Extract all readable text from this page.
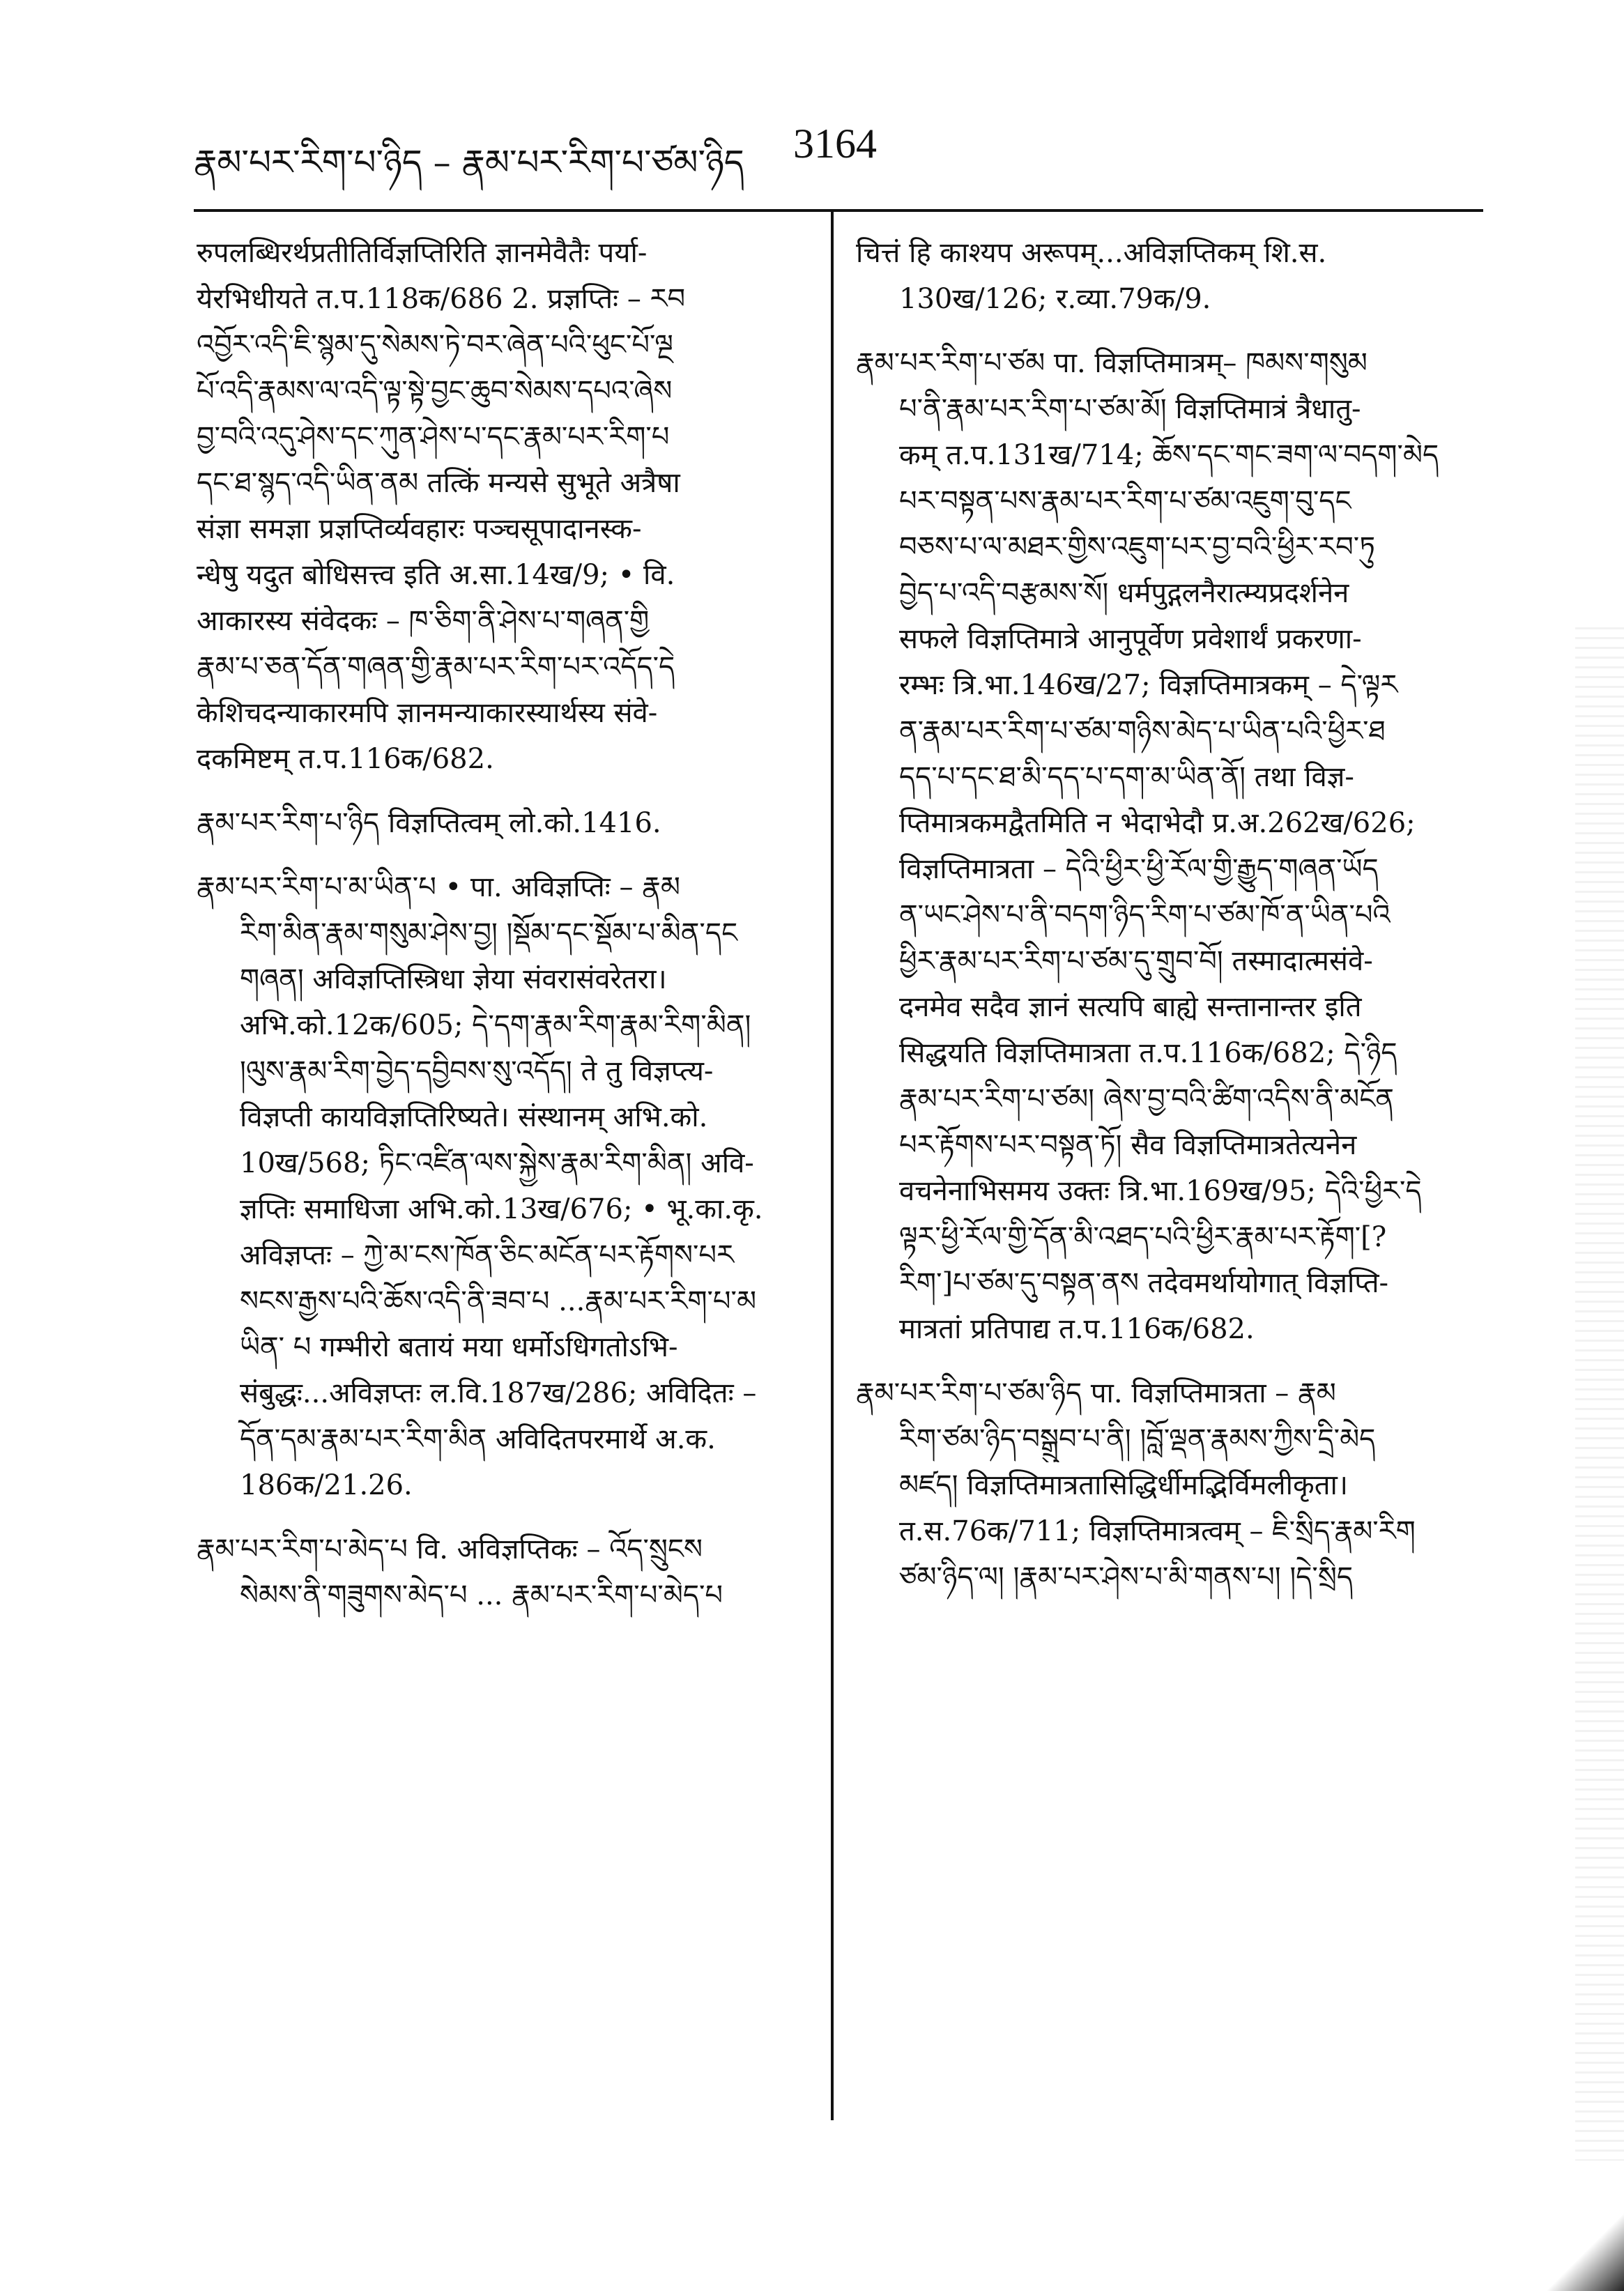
རྣམ་པར་རིག་པ་ཉིད – རྣམ་པར་རིག་པ་ཙམ་ཉིད 3164
रुपलब्धिरर्थप्रतीतिर्विज्ञप्तिरिति ज्ञानमेवैतैः पर्या-
येरभिधीयते त.प.118क/686 2. प्रज्ञप्तिः – རབ
འབྱོར་འདི་ཇི་སྙམ་དུ་སེམས་ཏེ་བར་ཞེན་པའི་ཕུང་པོ་ལྔ
པོ་འདི་རྣམས་ལ་འདི་ལྟ་སྟེ་བྱང་ཆུབ་སེམས་དཔའ་ཞེས
བྱ་བའི་འདུ་ཤེས་དང་ཀུན་ཤེས་པ་དང་རྣམ་པར་རིག་པ
དང་ཐ་སྙད་འདི་ཡིན་ནམ तत्किं मन्यसे सुभूते अत्रैषा
संज्ञा समज्ञा प्रज्ञप्तिर्व्यवहारः पञ्चसूपादानस्क-
न्धेषु यदुत बोधिसत्त्व इति अ.सा.14ख/9; • वि.
आकारस्य संवेदकः – ཁ་ཅིག་ནི་ཤེས་པ་གཞན་གྱི
རྣམ་པ་ཅན་དོན་གཞན་གྱི་རྣམ་པར་རིག་པར་འདོད་དེ
केशिचदन्याकारमपि ज्ञानमन्याकारस्यार्थस्य संवे-
दकमिष्टम् त.प.116क/682.
རྣམ་པར་རིག་པ་ཉིད विज्ञप्तित्वम् लो.को.1416.
རྣམ་པར་རིག་པ་མ་ཡིན་པ • पा. अविज्ञप्तिः – རྣམ
རིག་མིན་རྣམ་གསུམ་ཤེས་བྱ། །སྡོམ་དང་སྡོམ་པ་མིན་དང
གཞན། अविज्ञप्तिस्त्रिधा ज्ञेया संवरासंवरेतरा।
अभि.को.12क/605; དེ་དག་རྣམ་རིག་རྣམ་རིག་མིན།
།ལུས་རྣམ་རིག་བྱེད་དབྱིབས་སུ་འདོད། ते तु विज्ञप्त्य-
विज्ञप्ती कायविज्ञप्तिरिष्यते। संस्थानम् अभि.को.
10ख/568; ཏིང་འཛིན་ལས་སྐྱེས་རྣམ་རིག་མིན། अवि-
ज्ञप्तिः समाधिजा अभि.को.13ख/676; • भू.का.कृ.
अविज्ञप्तः – ཀྱེ་མ་ངས་ཁོན་ཅིང་མངོན་པར་རྟོགས་པར
སངས་རྒྱས་པའི་ཆོས་འདི་ནི་ཟབ་པ ...རྣམ་པར་རིག་པ་མ
ཡིན་ པ गम्भीरो बतायं मया धर्मोऽधिगतोऽभि-
संबुद्धः...अविज्ञप्तः ल.वि.187ख/286; अविदितः –
དོན་དམ་རྣམ་པར་རིག་མིན अविदितपरमार्थे अ.क.
186क/21.26.
རྣམ་པར་རིག་པ་མེད་པ वि. अविज्ञप्तिकः – འོད་སྲུངས
སེམས་ནི་གཟུགས་མེད་པ ... རྣམ་པར་རིག་པ་མེད་པ
चित्तं हि काश्यप अरूपम्...अविज्ञप्तिकम् शि.स.
130ख/126; र.व्या.79क/9.
རྣམ་པར་རིག་པ་ཙམ पा. विज्ञप्तिमात्रम्– ཁམས་གསུམ
པ་ནི་རྣམ་པར་རིག་པ་ཙམ་མོ། विज्ञप्तिमात्रं त्रैधातु-
कम् त.प.131ख/714; ཆོས་དང་གང་ཟག་ལ་བདག་མེད
པར་བསྟན་པས་རྣམ་པར་རིག་པ་ཙམ་འཇུག་བུ་དང
བཅས་པ་ལ་མཐར་གྱིས་འཇུག་པར་བྱ་བའི་ཕྱིར་རབ་ཏུ
བྱེད་པ་འདི་བརྩམས་སོ། धर्मपुद्गलनैरात्म्यप्रदर्शनेन
सफले विज्ञप्तिमात्रे आनुपूर्वेण प्रवेशार्थं प्रकरणा-
रम्भः त्रि.भा.146ख/27; विज्ञप्तिमात्रकम् – དེ་ལྟར
ན་རྣམ་པར་རིག་པ་ཙམ་གཉིས་མེད་པ་ཡིན་པའི་ཕྱིར་ཐ
དད་པ་དང་ཐ་མི་དད་པ་དག་མ་ཡིན་ནོ། तथा विज्ञ-
प्तिमात्रकमद्वैतमिति न भेदाभेदौ प्र.अ.262ख/626;
विज्ञप्तिमात्रता – དེའི་ཕྱིར་ཕྱི་རོལ་གྱི་རྒྱུད་གཞན་ཡོད
ན་ཡང་ཤེས་པ་ནི་བདག་ཉིད་རིག་པ་ཙམ་ཁོ་ན་ཡིན་པའི
ཕྱིར་རྣམ་པར་རིག་པ་ཙམ་དུ་གྲུབ་བོ། तस्मादात्मसंवे-
दनमेव सदैव ज्ञानं सत्यपि बाह्ये सन्तानान्तर इति
सिद्धयति विज्ञप्तिमात्रता त.प.116क/682; དེ་ཉིད
རྣམ་པར་རིག་པ་ཙམ། ཞེས་བྱ་བའི་ཚིག་འདིས་ནི་མངོན
པར་རྟོགས་པར་བསྟན་ཏོ། सैव विज्ञप्तिमात्रतेत्यनेन
वचनेनाभिसमय उक्तः त्रि.भा.169ख/95; དེའི་ཕྱིར་དེ
ལྟར་ཕྱི་རོལ་གྱི་དོན་མི་འཐད་པའི་ཕྱིར་རྣམ་པར་རྟོག་[?
རིག་]པ་ཙམ་དུ་བསྟན་ནས तदेवमर्थायोगात् विज्ञप्ति-
मात्रतां प्रतिपाद्य त.प.116क/682.
རྣམ་པར་རིག་པ་ཙམ་ཉིད पा. विज्ञप्तिमात्रता – རྣམ
རིག་ཙམ་ཉིད་བསྒྲུབ་པ་ནི། །བློ་ལྡན་རྣམས་ཀྱིས་དྲི་མེད
མཛད། विज्ञप्तिमात्रतासिद्धिर्धीमद्भिर्विमलीकृता।
त.स.76क/711; विज्ञप्तिमात्रत्वम् – ཇི་སྲིད་རྣམ་རིག
ཙམ་ཉིད་ལ། །རྣམ་པར་ཤེས་པ་མི་གནས་པ། །དེ་སྲིད
